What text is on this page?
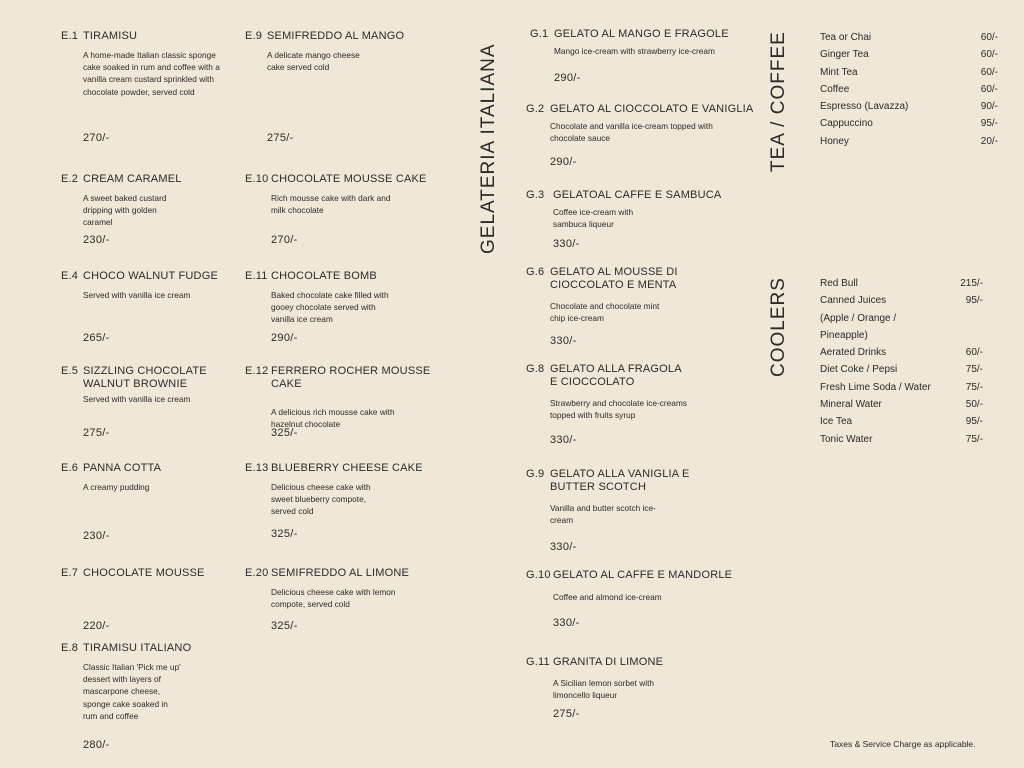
E.1 TIRAMISU
A home-made Italian classic sponge cake soaked in rum and coffee with a vanilla cream custard sprinkled with chocolate powder, served cold
270/-
E.2 CREAM CARAMEL
A sweet baked custard dripping with golden caramel
230/-
E.4 CHOCO WALNUT FUDGE
Served with vanilla ice cream
265/-
E.5 SIZZLING CHOCOLATE WALNUT BROWNIE
Served with vanilla ice cream
275/-
E.6 PANNA COTTA
A creamy pudding
230/-
E.7 CHOCOLATE MOUSSE
220/-
E.8 TIRAMISU ITALIANO
Classic Italian 'Pick me up' dessert with layers of mascarpone cheese, sponge cake soaked in rum and coffee
280/-
E.9 SEMIFREDDO AL MANGO
A delicate mango cheese cake served cold
275/-
E.10 CHOCOLATE MOUSSE CAKE
Rich mousse cake with dark and milk chocolate
270/-
E.11 CHOCOLATE BOMB
Baked chocolate cake filled with gooey chocolate served with vanilla ice cream
290/-
E.12 FERRERO ROCHER MOUSSE CAKE
A delicious rich mousse cake with hazelnut chocolate
325/-
E.13 BLUEBERRY CHEESE CAKE
Delicious cheese cake with sweet blueberry compote, served cold
325/-
E.20 SEMIFREDDO AL LIMONE
Delicious cheese cake with lemon compote, served cold
325/-
GELATERIA ITALIANA
G.1 GELATO AL MANGO E FRAGOLE
Mango ice-cream with strawberry ice-cream
290/-
G.2 GELATO AL CIOCCOLATO E VANIGLIA
Chocolate and vanilla ice-cream topped with chocolate sauce
290/-
G.3 GELATOAL CAFFE E SAMBUCA
Coffee ice-cream with sambuca liqueur
330/-
G.6 GELATO AL MOUSSE DI CIOCCOLATO E MENTA
Chocolate and chocolate mint chip ice-cream
330/-
G.8 GELATO ALLA FRAGOLA E CIOCCOLATO
Strawberry and chocolate ice-creams topped with fruits syrup
330/-
G.9 GELATO ALLA VANIGLIA E BUTTER SCOTCH
Vanilla and butter scotch ice-cream
330/-
G.10 GELATO AL CAFFE E MANDORLE
Coffee and almond ice-cream
330/-
G.11 GRANITA DI LIMONE
A Sicilian lemon sorbet with limoncello liqueur
275/-
TEA / COFFEE	Tea or Chai	60/-
Ginger Tea	60/-
Mint Tea	60/-
Coffee	60/-
Espresso (Lavazza)	90/-
Cappuccino	95/-
Honey	20/-
COOLERS	Red Bull	215/-
Canned Juices	95/-
(Apple / Orange /
Pineapple)
Aerated Drinks	60/-
Diet Coke / Pepsi	75/-
Fresh Lime Soda / Water	75/-
Mineral Water	50/-
Ice Tea	95/-
Tonic Water	75/-
Taxes & Service Charge as applicable.
